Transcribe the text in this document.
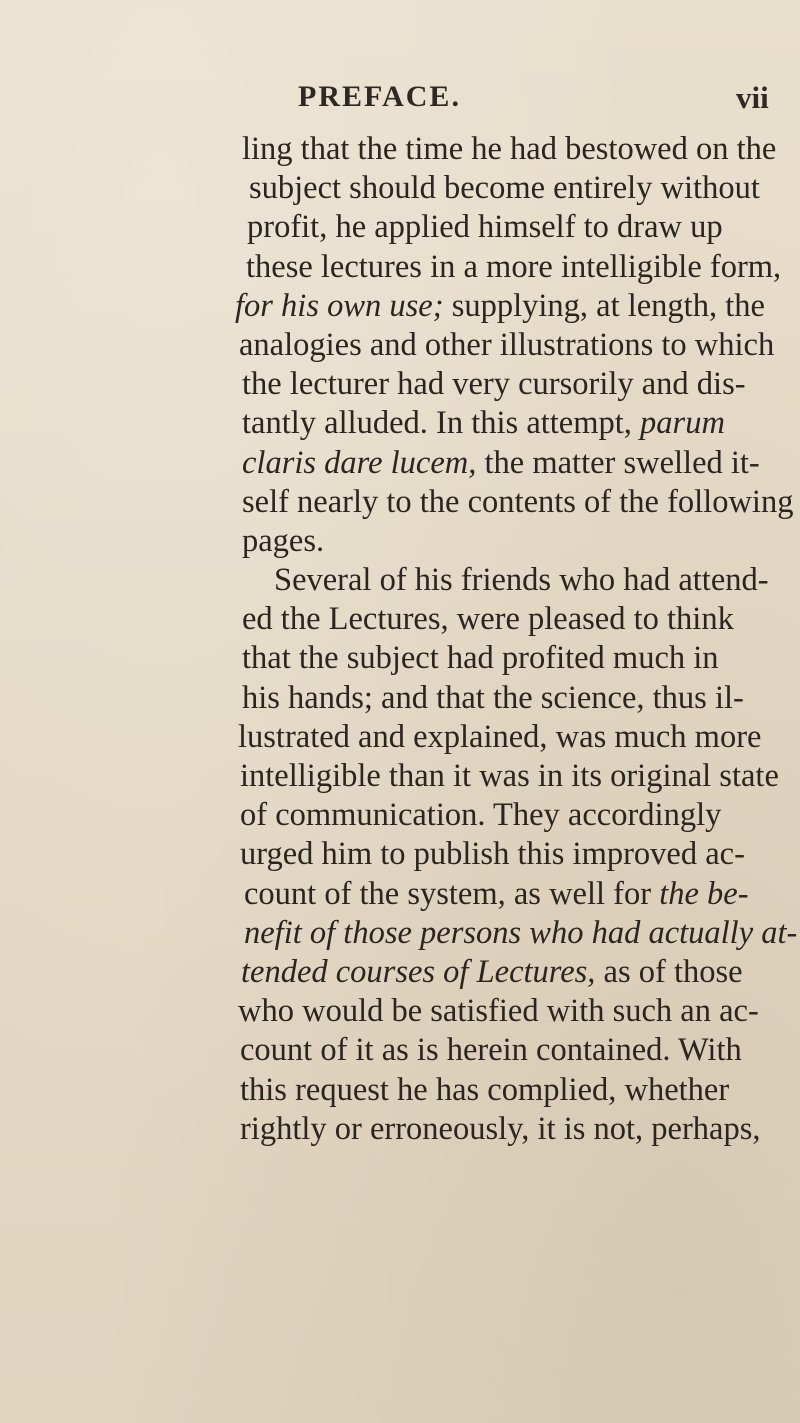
PREFACE.	vii
ling that the time he had bestowed on the
subject should become entirely without
profit, he applied himself to draw up
these lectures in a more intelligible form,
for his own use; supplying, at length, the
analogies and other illustrations to which
the lecturer had very cursorily and dis-
tantly alluded. In this attempt, parum
claris dare lucem, the matter swelled it-
self nearly to the contents of the following
pages.
Several of his friends who had attend-
ed the Lectures, were pleased to think
that the subject had profited much in
his hands; and that the science, thus il-
lustrated and explained, was much more
intelligible than it was in its original state
of communication. They accordingly
urged him to publish this improved ac-
count of the system, as well for the be-
nefit of those persons who had actually at-
tended courses of Lectures, as of those
who would be satisfied with such an ac-
count of it as is herein contained. With
this request he has complied, whether
rightly or erroneously, it is not, perhaps,
